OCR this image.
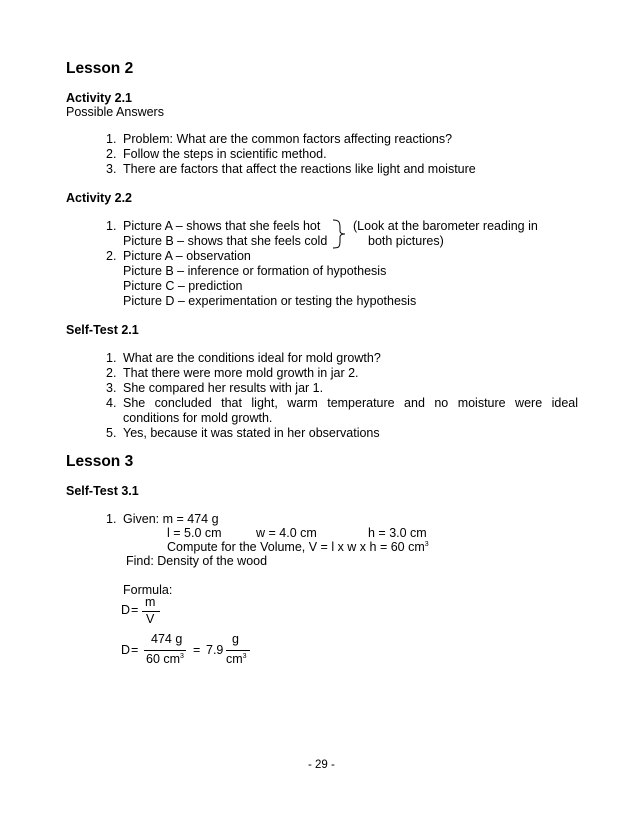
Lesson 2
Activity 2.1
Possible Answers
1. Problem: What are the common factors affecting reactions?
2. Follow the steps in scientific method.
3. There are factors that affect the reactions like light and moisture
Activity 2.2
1. Picture A – shows that she feels hot
Picture B – shows that she feels cold
(Look at the barometer reading in
both pictures)
2. Picture A – observation
Picture B – inference or formation of hypothesis
Picture C – prediction
Picture D – experimentation or testing the hypothesis
Self-Test 2.1
1. What are the conditions ideal for mold growth?
2. That there were more mold growth in jar 2.
3. She compared her results with jar 1.
4. She concluded that light, warm temperature and no moisture were ideal
conditions for mold growth.
5. Yes, because it was stated in her observations
Lesson 3
Self-Test 3.1
1. Given: m = 474 g
l = 5.0 cm	w = 4.0 cm	h = 3.0 cm
Compute for the Volume, V = l x w x h = 60 $cm^3$
Find: Density of the wood
Formula:
D =
m
V
D =
474 g
60 $cm^3 = 7.9$
g
$cm^3$
- 29 -
